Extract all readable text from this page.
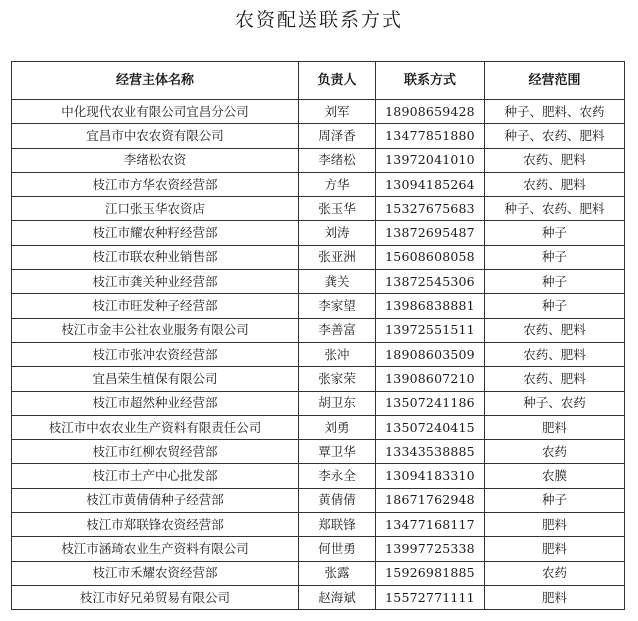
农资配送联系方式
经营主体名称	负责人	联系方式	经营范围
中化现代农业有限公司宜昌分公司	刘军	18908659428	种子、肥料、农药
宜昌市中农农资有限公司	周泽香	13477851880	种子、农药、肥料
李绪松农资	李绪松	13972041010	农药、肥料
枝江市方华农资经营部	方华	13094185264	农药、肥料
江口张玉华农资店	张玉华	15327675683	种子、农药、肥料
枝江市耀农种籽经营部	刘涛	13872695487	种子
枝江市联农种业销售部	张亚洲	15608608058	种子
枝江市龚关种业经营部	龚关	13872545306	种子
枝江市旺发种子经营部	李家望	13986838881	种子
枝江市金丰公社农业服务有限公司	李善富	13972551511	农药、肥料
枝江市张冲农资经营部	张冲	18908603509	农药、肥料
宜昌荣生植保有限公司	张家荣	13908607210	农药、肥料
枝江市超然种业经营部	胡卫东	13507241186	种子、农药
枝江市中农农业生产资料有限责任公司	刘勇	13507240415	肥料
枝江市红柳农贸经营部	覃卫华	13343538885	农药
枝江市土产中心批发部	李永全	13094183310	农膜
枝江市黄倩倩种子经营部	黄倩倩	18671762948	种子
枝江市郑联锋农资经营部	郑联锋	13477168117	肥料
枝江市涵琦农业生产资料有限公司	何世勇	13997725338	肥料
枝江市禾耀农资经营部	张露	15926981885	农药
枝江市好兄弟贸易有限公司	赵海斌	15572771111	肥料
